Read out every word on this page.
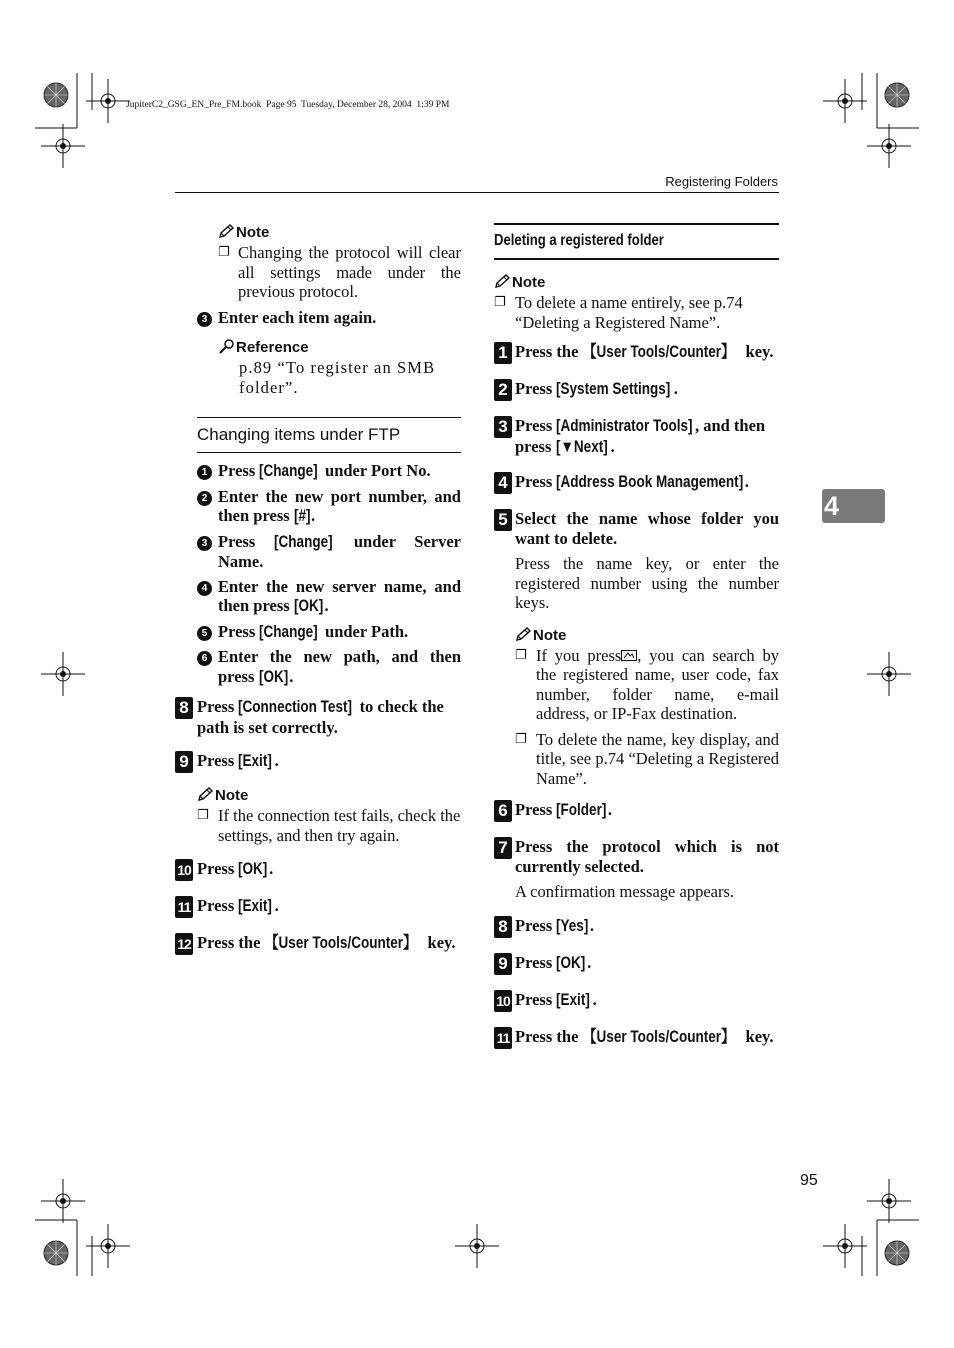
JupiterC2_GSG_EN_Pre_FM.book  Page 95  Tuesday, December 28, 2004  1:39 PM
Registering Folders
4
95
Note
❐ Changing the protocol will clear all settings made under the previous protocol.
3 Enter each item again.
Reference
p.89 “To register an SMB folder”.
Changing items under FTP
1 Press [Change] under Port No.
2 Enter the new port number, and then press [#].
3 Press [Change] under Server Name.
4 Enter the new server name, and then press [OK].
5 Press [Change] under Path.
6 Enter the new path, and then press [OK].
8 Press [Connection Test] to check the path is set correctly.
9 Press [Exit] .
Note
❐ If the connection test fails, check the settings, and then try again.
10 Press [OK].
11 Press [Exit] .
12 Press the 【User Tools/Counter】 key.
Deleting a registered folder
Note
❐ To delete a name entirely, see p.74 “Deleting a Registered Name”.
1 Press the 【User Tools/Counter】 key.
2 Press [System Settings] .
3 Press [Administrator Tools] , and then press [▼Next] .
4 Press [Address Book Management].
5 Select the name whose folder you want to delete.
Press the name key, or enter the registered number using the number keys.
Note
❐ If you press , you can search by the registered name, user code, fax number, folder name, e-mail address, or IP-Fax destination.
❐ To delete the name, key display, and title, see p.74 “Deleting a Registered Name”.
6 Press [Folder].
7 Press the protocol which is not currently selected.
A confirmation message appears.
8 Press [Yes].
9 Press [OK].
10 Press [Exit] .
11 Press the 【User Tools/Counter】 key.
